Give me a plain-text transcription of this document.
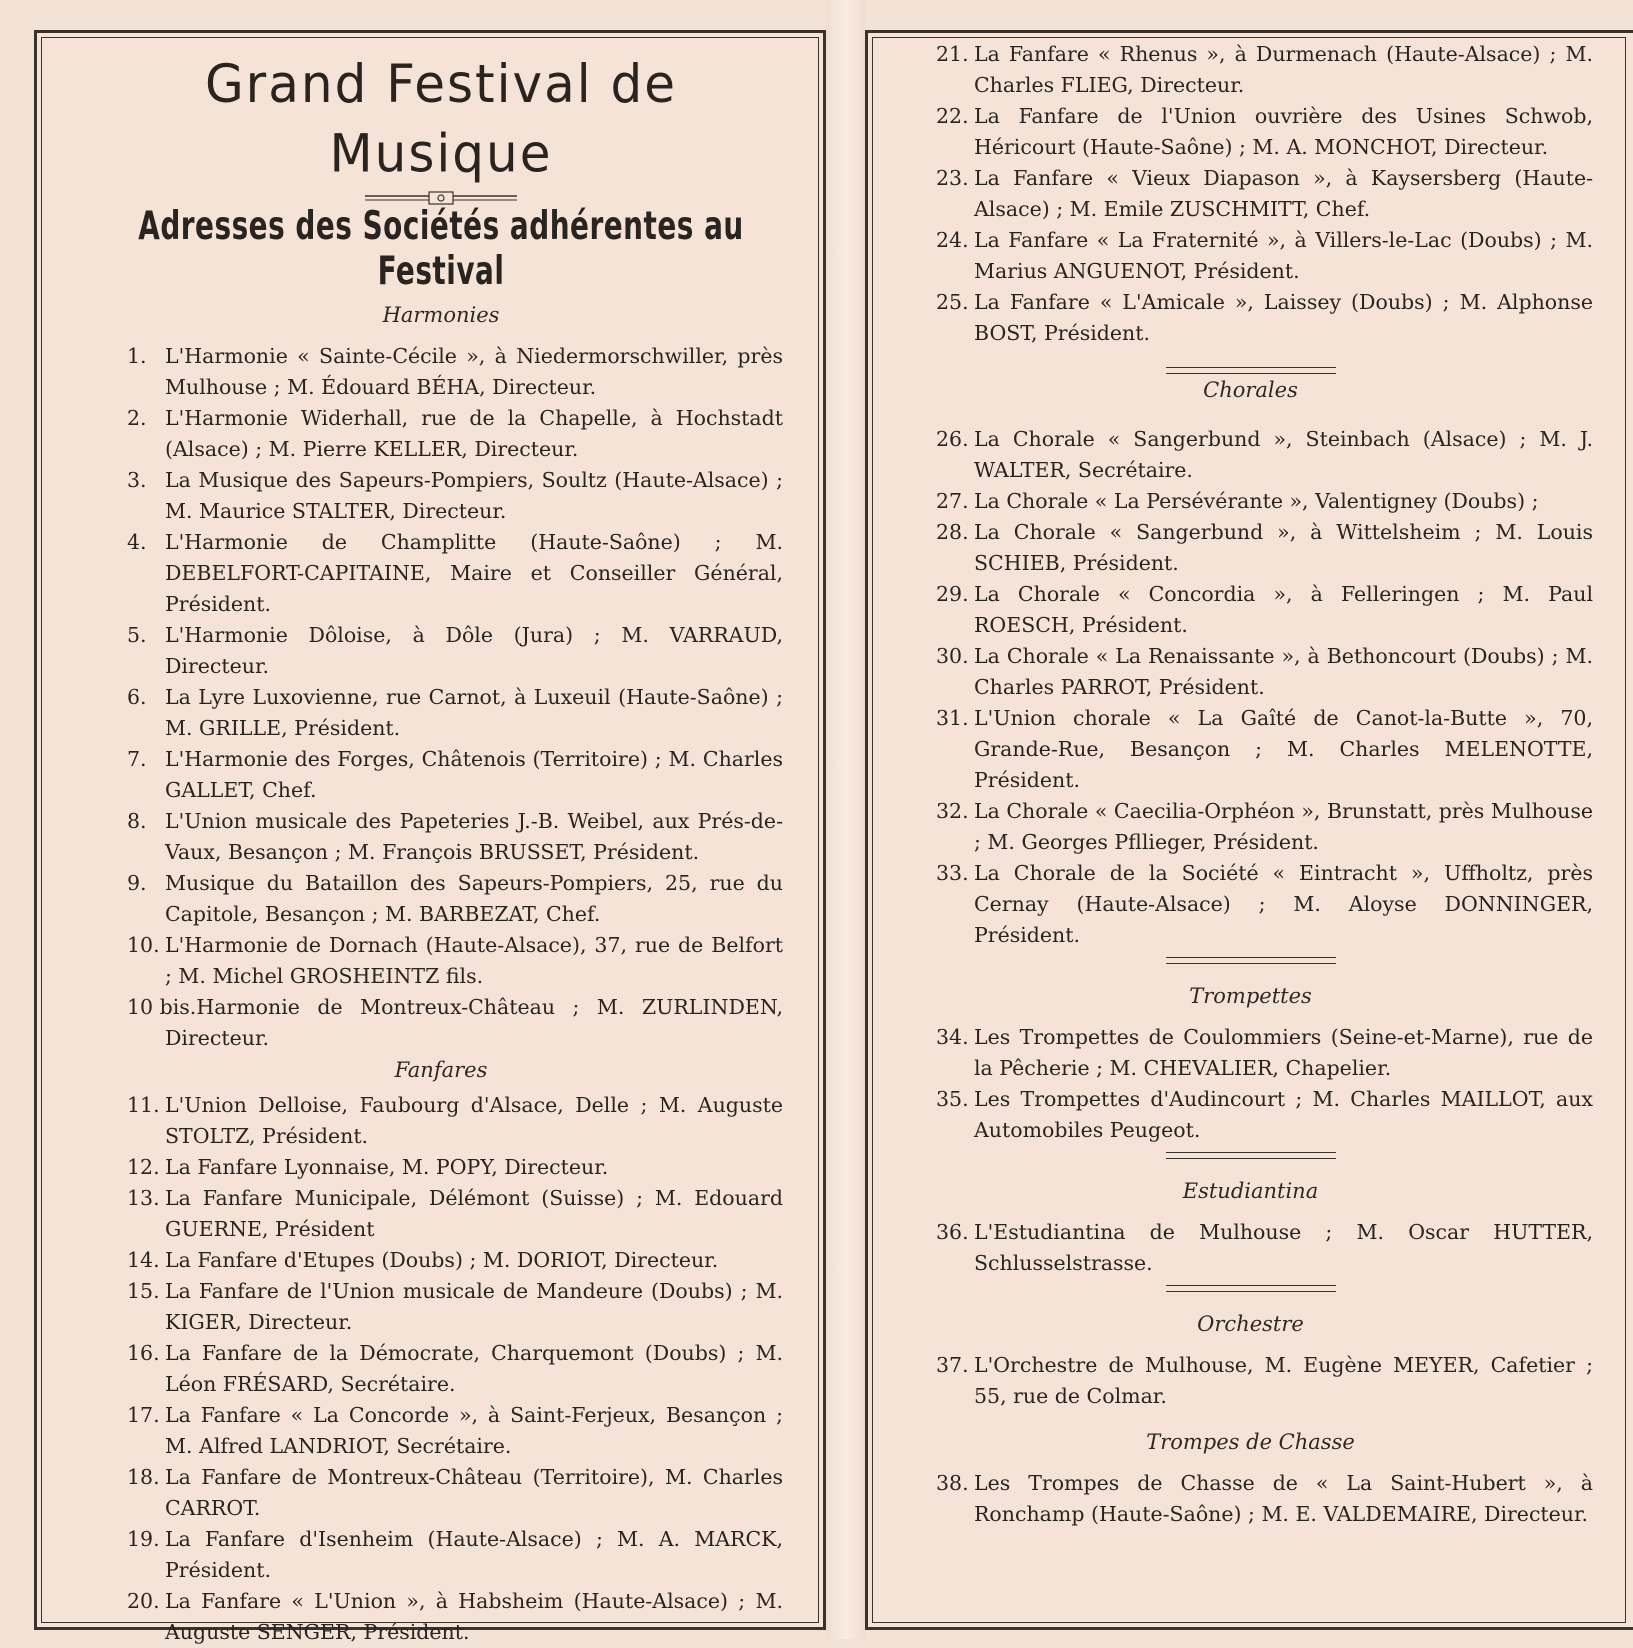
Grand Festival de Musique
Adresses des Sociétés adhérentes au Festival
Harmonies
1.L'Harmonie « Sainte-Cécile », à Niedermorschwiller, près Mulhouse ; M. Édouard BÉHA, Directeur.
2.L'Harmonie Widerhall, rue de la Chapelle, à Hochstadt (Alsace) ; M. Pierre KELLER, Directeur.
3.La Musique des Sapeurs-Pompiers, Soultz (Haute-Alsace) ; M. Maurice STALTER, Directeur.
4.L'Harmonie de Champlitte (Haute-Saône) ; M. DEBELFORT-CAPITAINE, Maire et Conseiller Général, Président.
5.L'Harmonie Dôloise, à Dôle (Jura) ; M. VARRAUD, Directeur.
6.La Lyre Luxovienne, rue Carnot, à Luxeuil (Haute-Saône) ; M. GRILLE, Président.
7.L'Harmonie des Forges, Châtenois (Territoire) ; M. Charles GALLET, Chef.
8.L'Union musicale des Papeteries J.-B. Weibel, aux Prés-de-Vaux, Besançon ; M. François BRUSSET, Président.
9.Musique du Bataillon des Sapeurs-Pompiers, 25, rue du Capitole, Besançon ; M. BARBEZAT, Chef.
10.L'Harmonie de Dornach (Haute-Alsace), 37, rue de Belfort ; M. Michel GROSHEINTZ fils.
10 bis.Harmonie de Montreux-Château ; M. ZURLINDEN, Directeur.
Fanfares
11.L'Union Delloise, Faubourg d'Alsace, Delle ; M. Auguste STOLTZ, Président.
12.La Fanfare Lyonnaise, M. POPY, Directeur.
13.La Fanfare Municipale, Délémont (Suisse) ; M. Edouard GUERNE, Président
14.La Fanfare d'Etupes (Doubs) ; M. DORIOT, Directeur.
15.La Fanfare de l'Union musicale de Mandeure (Doubs) ; M. KIGER, Directeur.
16.La Fanfare de la Démocrate, Charquemont (Doubs) ; M. Léon FRÉSARD, Secrétaire.
17.La Fanfare « La Concorde », à Saint-Ferjeux, Besançon ; M. Alfred LANDRIOT, Secrétaire.
18.La Fanfare de Montreux-Château (Territoire), M. Charles CARROT.
19.La Fanfare d'Isenheim (Haute-Alsace) ; M. A. MARCK, Président.
20.La Fanfare « L'Union », à Habsheim (Haute-Alsace) ; M. Auguste SENGER, Président.
21.La Fanfare « Rhenus », à Durmenach (Haute-Alsace) ; M. Charles FLIEG, Directeur.
22.La Fanfare de l'Union ouvrière des Usines Schwob, Héricourt (Haute-Saône) ; M. A. MONCHOT, Directeur.
23.La Fanfare « Vieux Diapason », à Kaysersberg (Haute-Alsace) ; M. Emile ZUSCHMITT, Chef.
24.La Fanfare « La Fraternité », à Villers-le-Lac (Doubs) ; M. Marius ANGUENOT, Président.
25.La Fanfare « L'Amicale », Laissey (Doubs) ; M. Alphonse BOST, Président.
Chorales
26.La Chorale « Sangerbund », Steinbach (Alsace) ; M. J. WALTER, Secrétaire.
27.La Chorale « La Persévérante », Valentigney (Doubs) ;
28.La Chorale « Sangerbund », à Wittelsheim ; M. Louis SCHIEB, Président.
29.La Chorale « Concordia », à Felleringen ; M. Paul ROESCH, Président.
30.La Chorale « La Renaissante », à Bethoncourt (Doubs) ; M. Charles PARROT, Président.
31.L'Union chorale « La Gaîté de Canot-la-Butte », 70, Grande-Rue, Besançon ; M. Charles MELENOTTE, Président.
32.La Chorale « Caecilia-Orphéon », Brunstatt, près Mulhouse ; M. Georges Pfllieger, Président.
33.La Chorale de la Société « Eintracht », Uffholtz, près Cernay (Haute-Alsace) ; M. Aloyse DONNINGER, Président.
Trompettes
34.Les Trompettes de Coulommiers (Seine-et-Marne), rue de la Pêcherie ; M. CHEVALIER, Chapelier.
35.Les Trompettes d'Audincourt ; M. Charles MAILLOT, aux Automobiles Peugeot.
Estudiantina
36.L'Estudiantina de Mulhouse ; M. Oscar HUTTER, Schlusselstrasse.
Orchestre
37.L'Orchestre de Mulhouse, M. Eugène MEYER, Cafetier ; 55, rue de Colmar.
Trompes de Chasse
38.Les Trompes de Chasse de « La Saint-Hubert », à Ronchamp (Haute-Saône) ; M. E. VALDEMAIRE, Directeur.
